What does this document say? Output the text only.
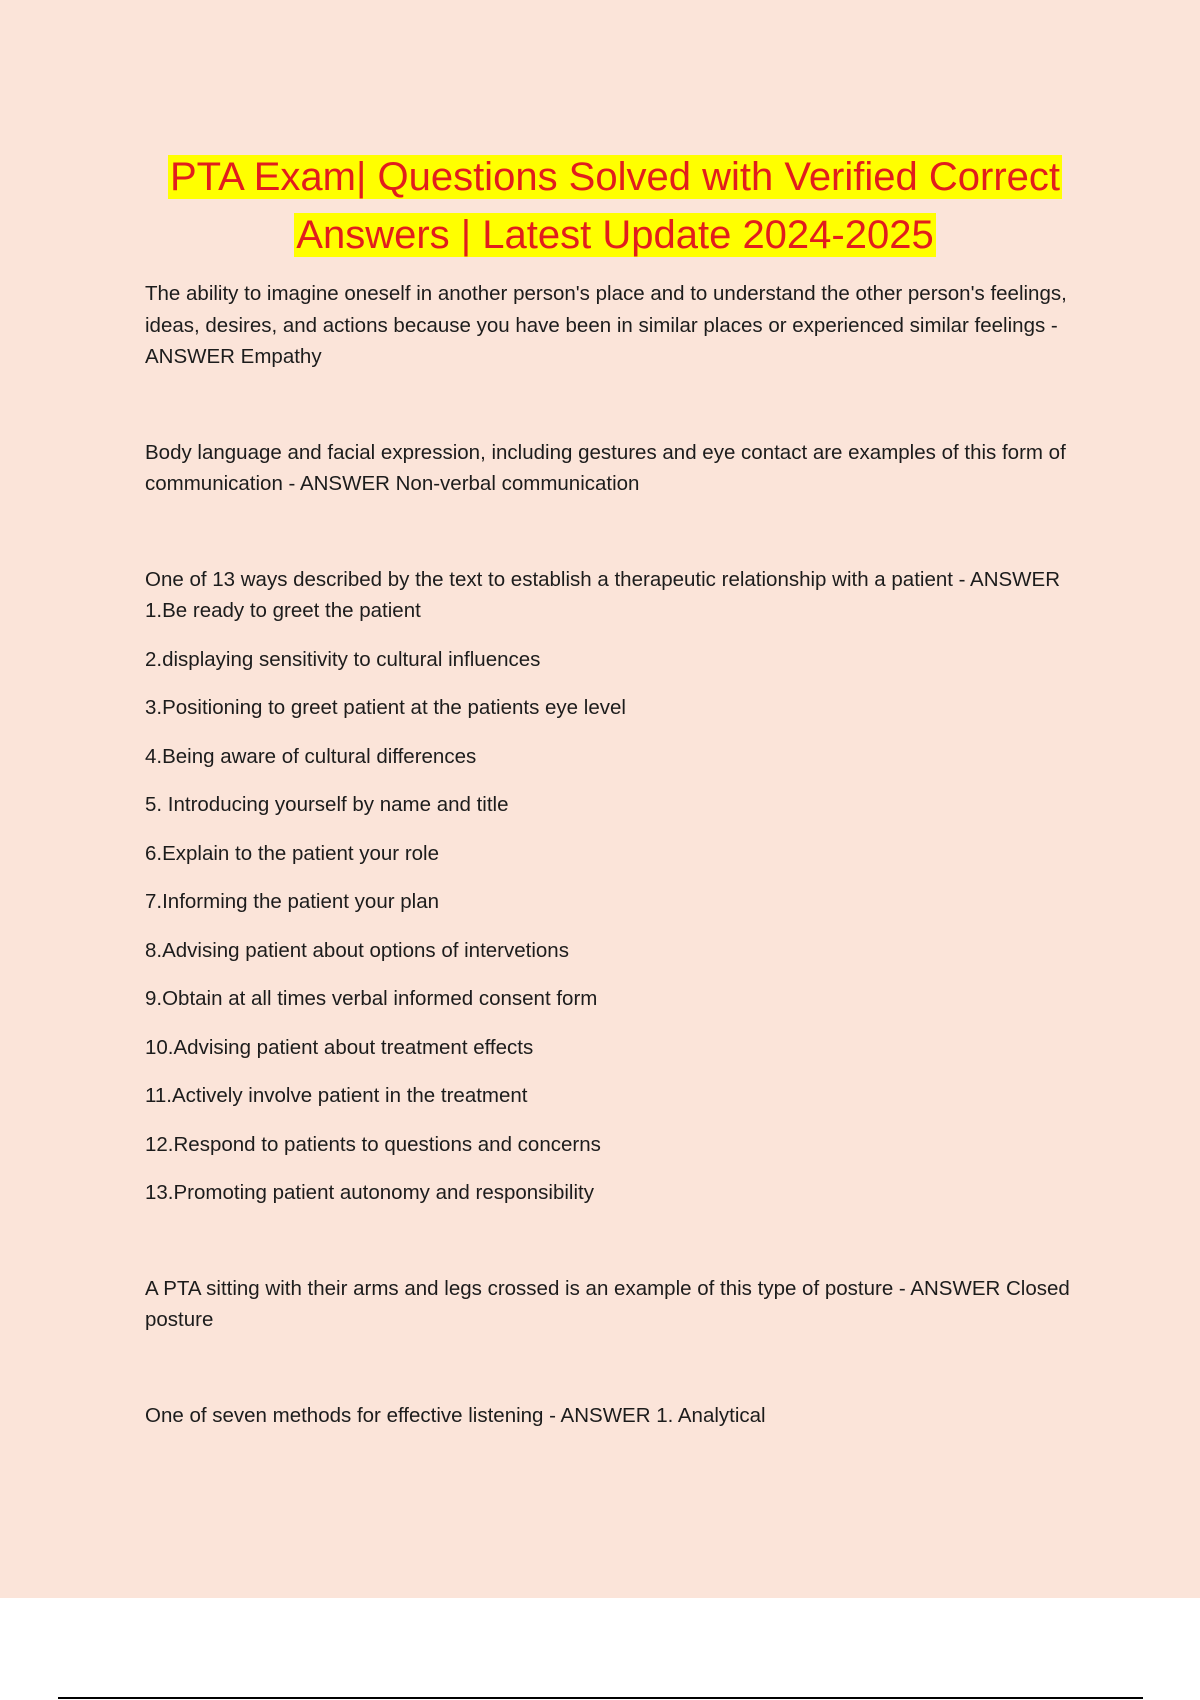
PTA Exam| Questions Solved with Verified Correct
Answers | Latest Update 2024-2025

The ability to imagine oneself in another person's place and to understand the other person's feelings, ideas, desires, and actions because you have been in similar places or experienced similar feelings - ANSWER Empathy

Body language and facial expression, including gestures and eye contact are examples of this form of communication - ANSWER Non-verbal communication

One of 13 ways described by the text to establish a therapeutic relationship with a patient - ANSWER 1.Be ready to greet the patient

2.displaying sensitivity to cultural influences

3.Positioning to greet patient at the patients eye level

4.Being aware of cultural differences

5. Introducing yourself by name and title

6.Explain to the patient your role

7.Informing the patient your plan

8.Advising patient about options of intervetions

9.Obtain at all times verbal informed consent form

10.Advising patient about treatment effects

11.Actively involve patient in the treatment

12.Respond to patients to questions and concerns

13.Promoting patient autonomy and responsibility

A PTA sitting with their arms and legs crossed is an example of this type of posture - ANSWER Closed posture

One of seven methods for effective listening - ANSWER 1. Analytical
